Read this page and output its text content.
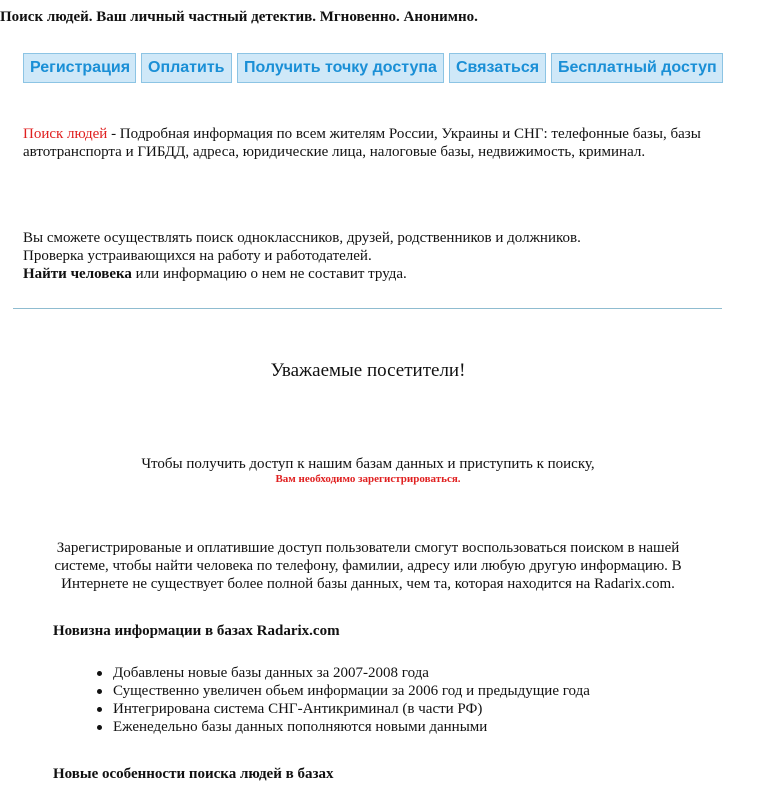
Поиск людей. Ваш личный частный детектив. Мгновенно. Анонимно.
Регистрация	Оплатить	Получить точку доступа	Связаться	Бесплатный доступ
Поиск людей - Подробная информация по всем жителям России, Украины и СНГ: телефонные базы, базы автотранспорта и ГИБДД, адреса, юридические лица, налоговые базы, недвижимость, криминал.
Вы сможете осуществлять поиск одноклассников, друзей, родственников и должников.
Проверка устраивающихся на работу и работодателей.
Найти человека или информацию о нем не составит труда.
Уважаемые посетители!
Чтобы получить доступ к нашим базам данных и приступить к поиску,
Вам необходимо зарегистрироваться.
Зарегистрированые и оплатившие доступ пользователи смогут воспользоваться поиском в нашей системе, чтобы найти человека по телефону, фамилии, адресу или любую другую информацию. В Интернете не существует более полной базы данных, чем та, которая находится на Radarix.com.
Новизна информации в базах Radarix.com
Добавлены новые базы данных за 2007-2008 года
Существенно увеличен обьем информации за 2006 год и предыдущие года
Интегрирована система СНГ-Антикриминал (в части РФ)
Еженедельно базы данных пополняются новыми данными
Новые особенности поиска людей в базах
